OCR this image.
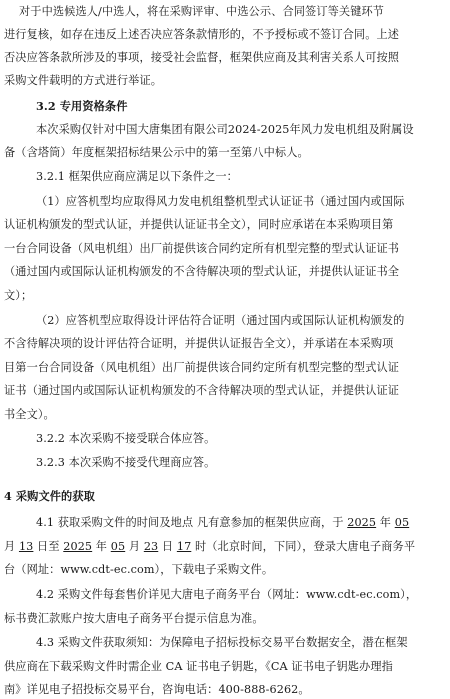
对于中选候选人/中选人，将在采购评审、中选公示、合同签订等关键环节
进行复核，如存在违反上述否决应答条款情形的，不予授标或不签订合同。上述
否决应答条款所涉及的事项，接受社会监督，框架供应商及其利害关系人可按照
采购文件载明的方式进行举证。
3.2 专用资格条件
本次采购仅针对中国大唐集团有限公司2024-2025年风力发电机组及附属设
备（含塔筒）年度框架招标结果公示中的第一至第八中标人。
3.2.1 框架供应商应满足以下条件之一：
（1）应答机型均应取得风力发电机组整机型式认证证书（通过国内或国际
认证机构颁发的型式认证，并提供认证证书全文），同时应承诺在本采购项目第
一台合同设备（风电机组）出厂前提供该合同约定所有机型完整的型式认证证书
（通过国内或国际认证机构颁发的不含待解决项的型式认证，并提供认证证书全
文）；
（2）应答机型应取得设计评估符合证明（通过国内或国际认证机构颁发的
不含待解决项的设计评估符合证明，并提供认证报告全文），并承诺在本采购项
目第一台合同设备（风电机组）出厂前提供该合同约定所有机型完整的型式认证
证书（通过国内或国际认证机构颁发的不含待解决项的型式认证，并提供认证证
书全文）。
3.2.2 本次采购不接受联合体应答。
3.2.3 本次采购不接受代理商应答。
4 采购文件的获取
4.1 获取采购文件的时间及地点 凡有意参加的框架供应商，于 2025 年 05
月 13 日至 2025 年 05 月 23 日 17 时（北京时间，下同），登录大唐电子商务平
台（网址：www.cdt-ec.com），下载电子采购文件。
4.2 采购文件每套售价详见大唐电子商务平台（网址：www.cdt-ec.com），
标书费汇款账户按大唐电子商务平台提示信息为准。
4.3 采购文件获取须知：为保障电子招标投标交易平台数据安全，潜在框架
供应商在下载采购文件时需企业 CA 证书电子钥匙，《CA 证书电子钥匙办理指
南》详见电子招投标交易平台，咨询电话：400-888-6262。
